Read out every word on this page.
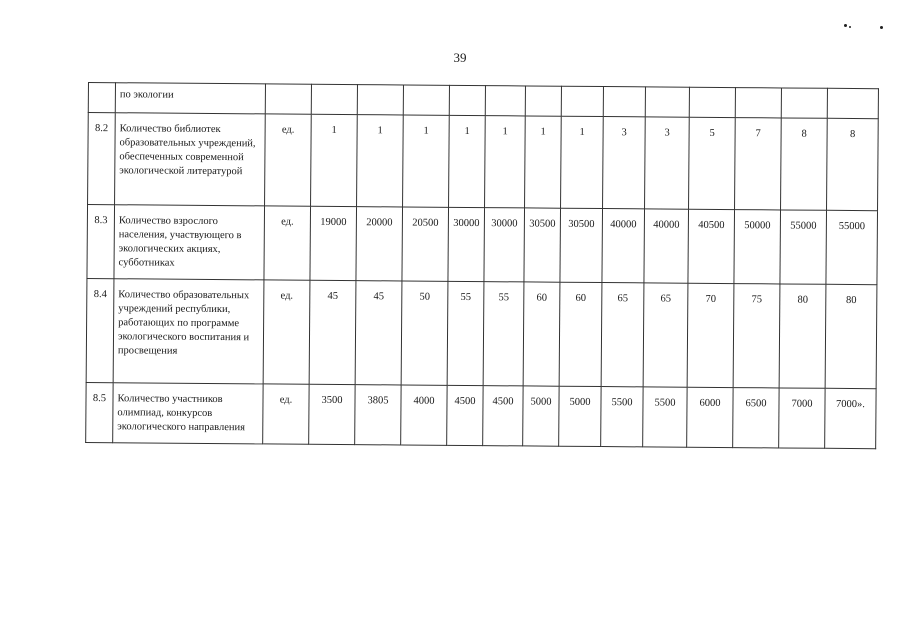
39
	по экологии														
8.2	Количество библиотек образовательных учреждений, обеспеченных современной экологической литературой	ед.	1	1	1	1	1	1	1	3	3	5	7	8	8
8.3	Количество взрослого населения, участвующего в экологических акциях, субботниках	ед.	19000	20000	20500	30000	30000	30500	30500	40000	40000	40500	50000	55000	55000
8.4	Количество образовательных учреждений республики, работающих по программе экологического воспитания и просвещения	ед.	45	45	50	55	55	60	60	65	65	70	75	80	80
8.5	Количество участников олимпиад, конкурсов экологического направления	ед.	3500	3805	4000	4500	4500	5000	5000	5500	5500	6000	6500	7000	7000».
